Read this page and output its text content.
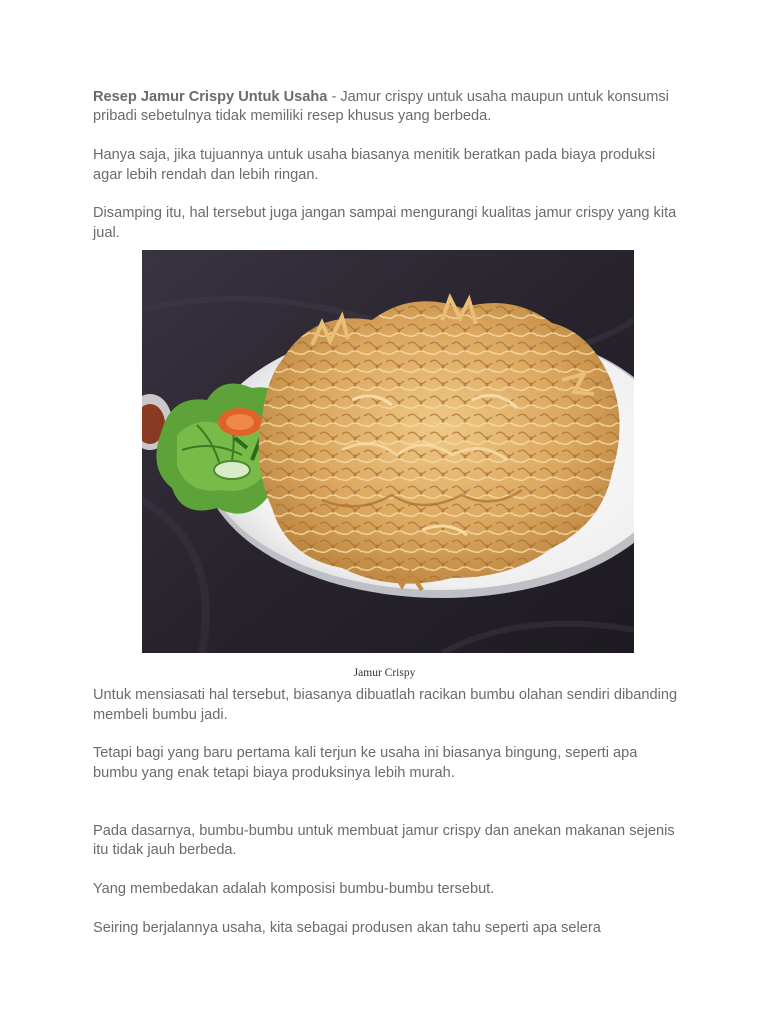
Resep Jamur Crispy Untuk Usaha - Jamur crispy untuk usaha maupun untuk konsumsi pribadi sebetulnya tidak memiliki resep khusus yang berbeda.

Hanya saja, jika tujuannya untuk usaha biasanya menitik beratkan pada biaya produksi agar lebih rendah dan lebih ringan.

Disamping itu, hal tersebut juga jangan sampai mengurangi kualitas jamur crispy yang kita jual.

Jamur Crispy

Untuk mensiasati hal tersebut, biasanya dibuatlah racikan bumbu olahan sendiri dibanding membeli bumbu jadi.

Tetapi bagi yang baru pertama kali terjun ke usaha ini biasanya bingung, seperti apa bumbu yang enak tetapi biaya produksinya lebih murah.

Pada dasarnya, bumbu-bumbu untuk membuat jamur crispy dan anekan makanan sejenis itu tidak jauh berbeda.

Yang membedakan adalah komposisi bumbu-bumbu tersebut.

Seiring berjalannya usaha, kita sebagai produsen akan tahu seperti apa selera
